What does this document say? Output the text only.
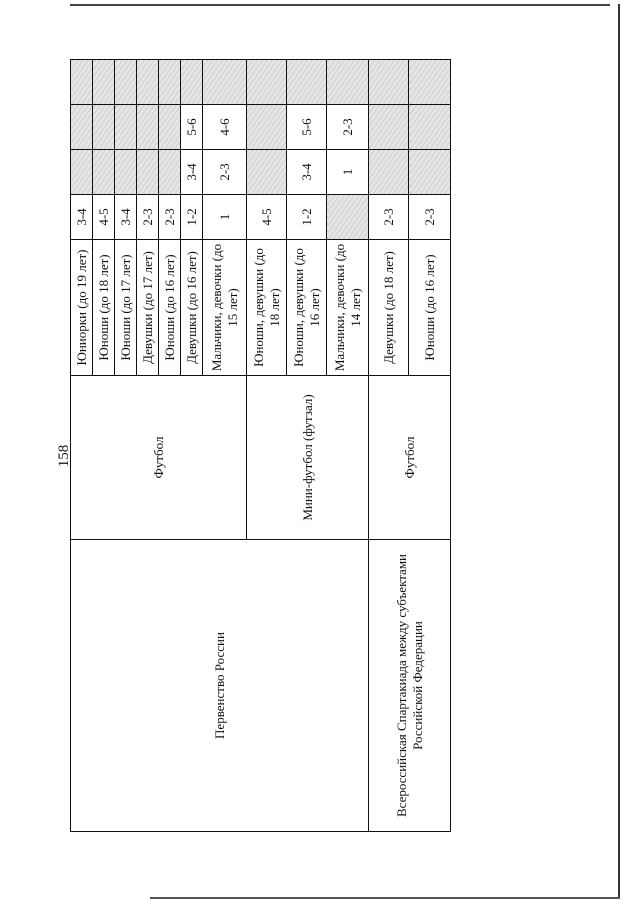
158
Первенство России	Футбол	Юниорки (до 19 лет)	3-4			
		Юноши (до 18 лет)	4-5			
		Юноши (до 17 лет)	3-4			
		Девушки (до 17 лет)	2-3			
		Юноши (до 16 лет)	2-3			
		Девушки (до 16 лет)	1-2	3-4	5-6	
		Мальчики, девочки (до 15 лет)	1	2-3	4-6	
	Мини-футбол (футзал)	Юноши, девушки (до 18 лет)	4-5			
		Юноши, девушки (до 16 лет)	1-2	3-4	5-6	
		Мальчики, девочки (до 14 лет)		1	2-3	
Всероссийская Спартакиада между субъектами Российской Федерации	Футбол	Девушки (до 18 лет)	2-3			
		Юноши (до 16 лет)	2-3			
